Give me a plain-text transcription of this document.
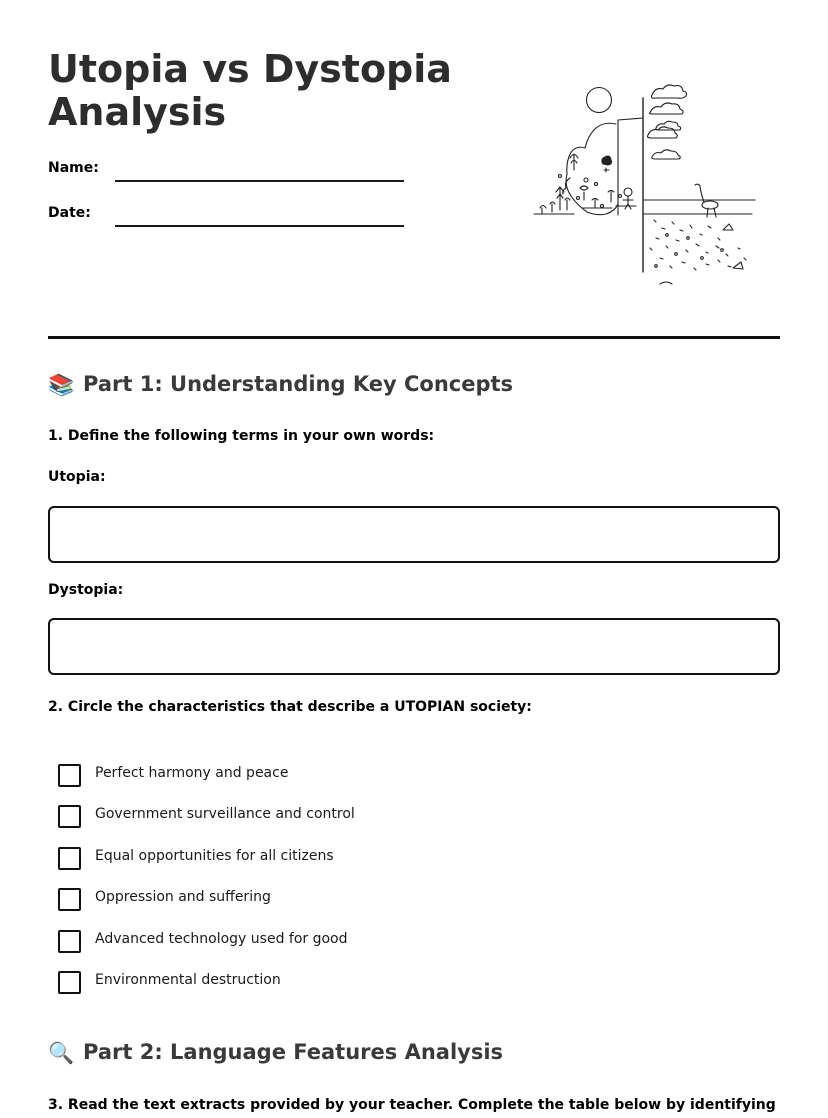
Utopia vs Dystopia
Analysis
Name:
Date:
📚 Part 1: Understanding Key Concepts

1. Define the following terms in your own words:

Utopia:

Dystopia:

2. Circle the characteristics that describe a UTOPIAN society:

Perfect harmony and peace
Government surveillance and control
Equal opportunities for all citizens
Oppression and suffering
Advanced technology used for good
Environmental destruction
🔍 Part 2: Language Features Analysis

3. Read the text extracts provided by your teacher. Complete the table below by identifying
